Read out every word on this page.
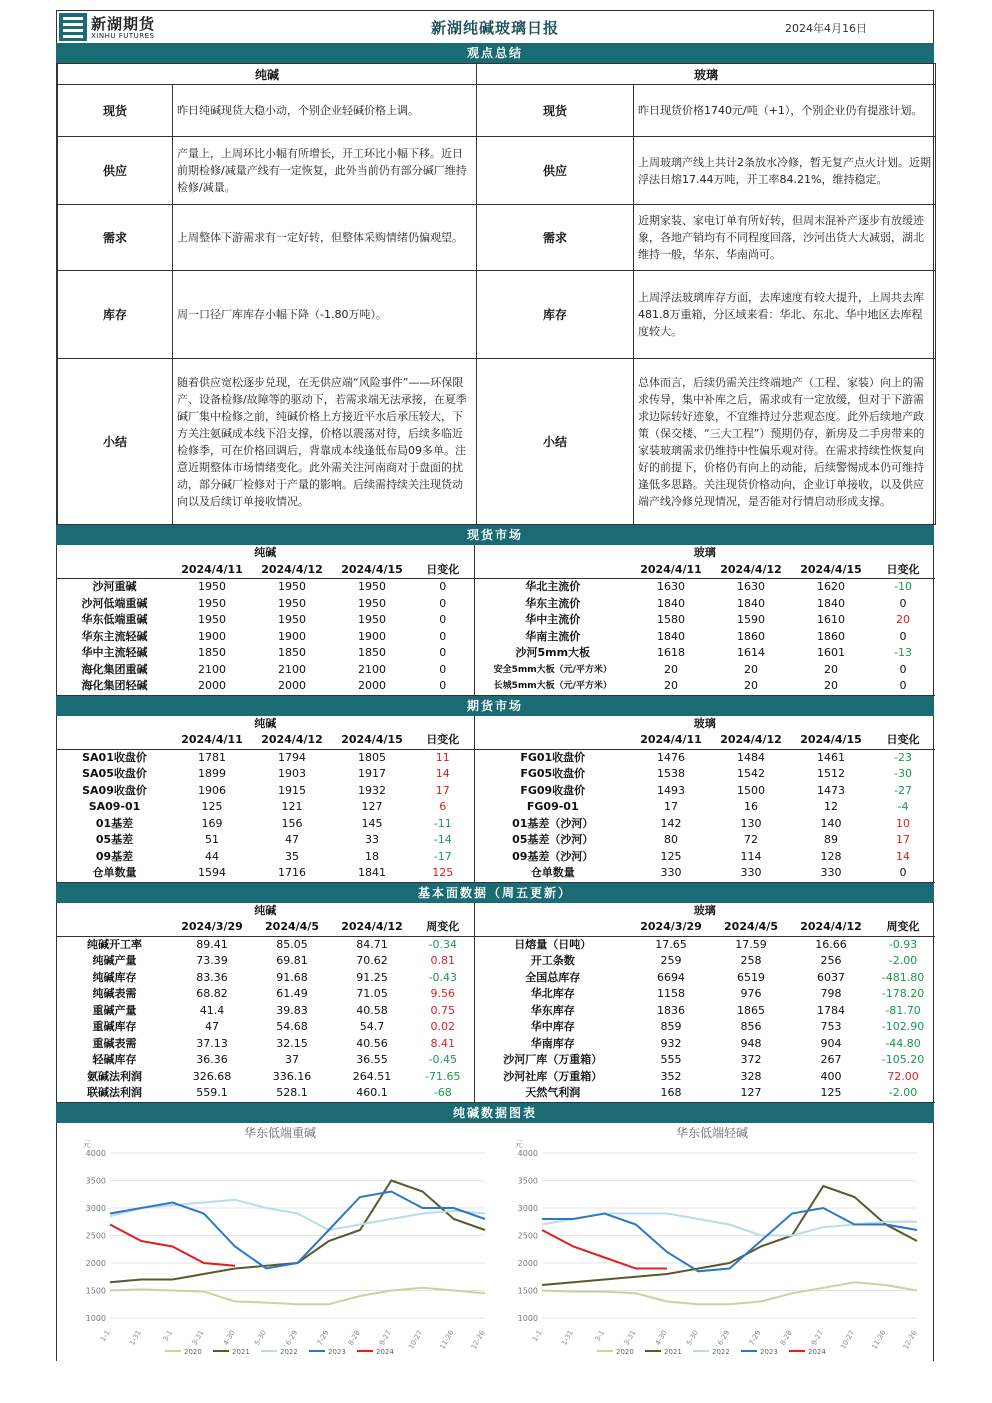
新湖期货
XINHU FUTURES	新湖纯碱玻璃日报	2024年4月16日
观点总结
纯碱		玻璃	
现货	昨日纯碱现货大稳小动，个别企业轻碱价格上调。	现货	昨日现货价格1740元/吨（+1），个别企业仍有提涨计划。
供应	产量上，上周环比小幅有所增长，开工环比小幅下移。近日前期检修/减量产线有一定恢复，此外当前仍有部分碱厂维持检修/减量。	供应	上周玻璃产线上共计2条放水冷修，暂无复产点火计划。近期浮法日熔17.44万吨，开工率84.21%，维持稳定。
需求	上周整体下游需求有一定好转，但整体采购情绪仍偏观望。	需求	近期家装、家电订单有所好转，但周末混补产逐步有放缓迹象，各地产销均有不同程度回落，沙河出货大大减弱，湖北维持一般，华东、华南尚可。
库存	周一口径厂库库存小幅下降（-1.80万吨）。	库存	上周浮法玻璃库存方面，去库速度有较大提升，上周共去库481.8万重箱，分区域来看：华北、东北、华中地区去库程度较大。
小结	随着供应宽松逐步兑现，在无供应端“风险事件”——环保限产、设备检修/故障等的驱动下，若需求端无法承接，在夏季碱厂集中检修之前，纯碱价格上方接近平水后承压较大，下方关注氨碱成本线下沿支撑，价格以震荡对待，后续多临近检修季，可在价格回调后，背靠成本线逢低布局09多单。注意近期整体市场情绪变化。此外需关注河南商对于盘面的扰动，部分碱厂检修对于产量的影响。后续需持续关注现货动向以及后续订单接收情况。	小结	总体而言，后续仍需关注终端地产（工程、家装）向上的需求传导，集中补库之后，需求或有一定放缓，但对于下游需求边际转好迹象，不宜维持过分悲观态度。此外后续地产政策（保交楼、“三大工程”）预期仍存，新房及二手房带来的家装玻璃需求仍维持中性偏乐观对待。在需求持续性恢复向好的前提下，价格仍有向上的动能，后续警惕成本仍可维持逢低多思路。关注现货价格动向，企业订单接收，以及供应端产线冷修兑现情况，是否能对行情启动形成支撑。
现货市场
纯碱					玻璃				
	2024/4/11	2024/4/12	2024/4/15	日变化		2024/4/11	2024/4/12	2024/4/15	日变化
沙河重碱	1950	1950	1950	0	华北主流价	1630	1630	1620	-10
沙河低端重碱	1950	1950	1950	0	华东主流价	1840	1840	1840	0
华东低端重碱	1950	1950	1950	0	华中主流价	1580	1590	1610	20
华东主流轻碱	1900	1900	1900	0	华南主流价	1840	1860	1860	0
华中主流轻碱	1850	1850	1850	0	沙河5mm大板	1618	1614	1601	-13
海化集团重碱	2100	2100	2100	0	安全5mm大板（元/平方米）	20	20	20	0
海化集团轻碱	2000	2000	2000	0	长城5mm大板（元/平方米）	20	20	20	0
期货市场
纯碱					玻璃				
	2024/4/11	2024/4/12	2024/4/15	日变化		2024/4/11	2024/4/12	2024/4/15	日变化
SA01收盘价	1781	1794	1805	11	FG01收盘价	1476	1484	1461	-23
SA05收盘价	1899	1903	1917	14	FG05收盘价	1538	1542	1512	-30
SA09收盘价	1906	1915	1932	17	FG09收盘价	1493	1500	1473	-27
SA09-01	125	121	127	6	FG09-01	17	16	12	-4
01基差	169	156	145	-11	01基差（沙河）	142	130	140	10
05基差	51	47	33	-14	05基差（沙河）	80	72	89	17
09基差	44	35	18	-17	09基差（沙河）	125	114	128	14
仓单数量	1594	1716	1841	125	仓单数量	330	330	330	0
基本面数据（周五更新）
纯碱					玻璃				
	2024/3/29	2024/4/5	2024/4/12	周变化		2024/3/29	2024/4/5	2024/4/12	周变化
纯碱开工率	89.41	85.05	84.71	-0.34	日熔量（日吨）	17.65	17.59	16.66	-0.93
纯碱产量	73.39	69.81	70.62	0.81	开工条数	259	258	256	-2.00
纯碱库存	83.36	91.68	91.25	-0.43	全国总库存	6694	6519	6037	-481.80
纯碱表需	68.82	61.49	71.05	9.56	华北库存	1158	976	798	-178.20
重碱产量	41.4	39.83	40.58	0.75	华东库存	1836	1865	1784	-81.70
重碱库存	47	54.68	54.7	0.02	华中库存	859	856	753	-102.90
重碱表需	37.13	32.15	40.56	8.41	华南库存	932	948	904	-44.80
轻碱库存	36.36	37	36.55	-0.45	沙河厂库（万重箱）	555	372	267	-105.20
氨碱法利润	326.68	336.16	264.51	-71.65	沙河社库（万重箱）	352	328	400	72.00
联碱法利润	559.1	528.1	460.1	-68	天然气利润	168	127	125	-2.00
纯碱数据图表
华东低端重碱
元
4000
3500
3000
2500
2000
1500
1000
1-1 1-31	3-1 3-31 4-30 5-30 6-29 7-29 8-28 9-27 10-27 11-26 12-26
2020	2021	2022	2023	2024
华东低端轻碱
元
4000
3500
3000
2500
2000
1500
1000
1-1 1-31	3-1 3-31 4-30 5-30 6-29 7-29 8-28 9-27 10-27 11-26 12-26
2020	2021	2022	2023	2024
